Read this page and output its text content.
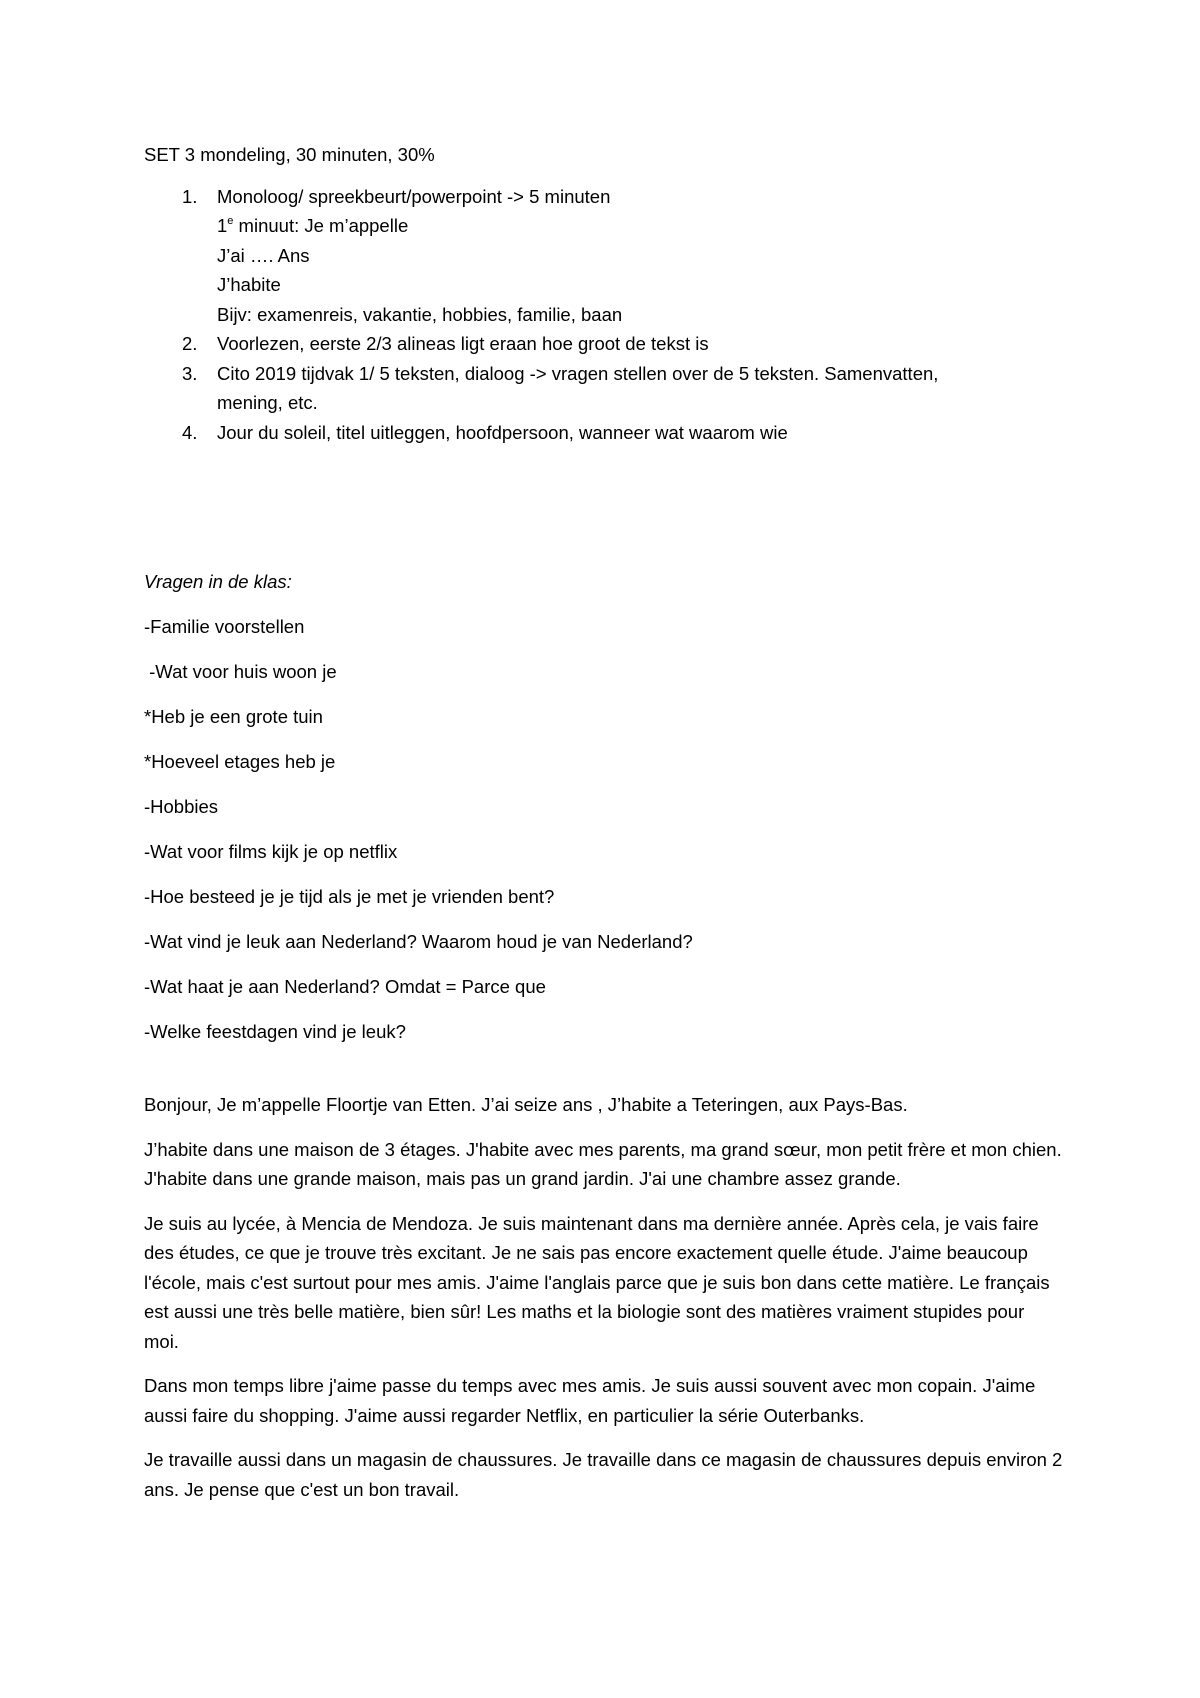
SET 3 mondeling, 30 minuten, 30%

1.	Monoloog/ spreekbeurt/powerpoint -> 5 minuten
1e minuut: Je m’appelle
J’ai …. Ans
J’habite
Bijv: examenreis, vakantie, hobbies, familie, baan
2.	Voorlezen, eerste 2/3 alineas ligt eraan hoe groot de tekst is
3.	Cito 2019 tijdvak 1/ 5 teksten, dialoog -> vragen stellen over de 5 teksten. Samenvatten,
mening, etc.
4.	Jour du soleil, titel uitleggen, hoofdpersoon, wanneer wat waarom wie

Vragen in de klas:

-Familie voorstellen

-Wat voor huis woon je

*Heb je een grote tuin

*Hoeveel etages heb je

-Hobbies

-Wat voor films kijk je op netflix

-Hoe besteed je je tijd als je met je vrienden bent?

-Wat vind je leuk aan Nederland? Waarom houd je van Nederland?

-Wat haat je aan Nederland? Omdat = Parce que

-Welke feestdagen vind je leuk?

Bonjour, Je m’appelle Floortje van Etten. J’ai seize ans , J’habite a Teteringen, aux Pays-Bas.

J’habite dans une maison de 3 étages. J'habite avec mes parents, ma grand sœur, mon petit frère et mon chien. J'habite dans une grande maison, mais pas un grand jardin. J'ai une chambre assez grande.

Je suis au lycée, à Mencia de Mendoza. Je suis maintenant dans ma dernière année. Après cela, je vais faire des études, ce que je trouve très excitant. Je ne sais pas encore exactement quelle étude. J'aime beaucoup l'école, mais c'est surtout pour mes amis. J'aime l'anglais parce que je suis bon dans cette matière. Le français est aussi une très belle matière, bien sûr! Les maths et la biologie sont des matières vraiment stupides pour moi.

Dans mon temps libre j'aime passe du temps avec mes amis. Je suis aussi souvent avec mon copain. J'aime aussi faire du shopping. J'aime aussi regarder Netflix, en particulier la série Outerbanks.

Je travaille aussi dans un magasin de chaussures. Je travaille dans ce magasin de chaussures depuis environ 2 ans. Je pense que c'est un bon travail.
